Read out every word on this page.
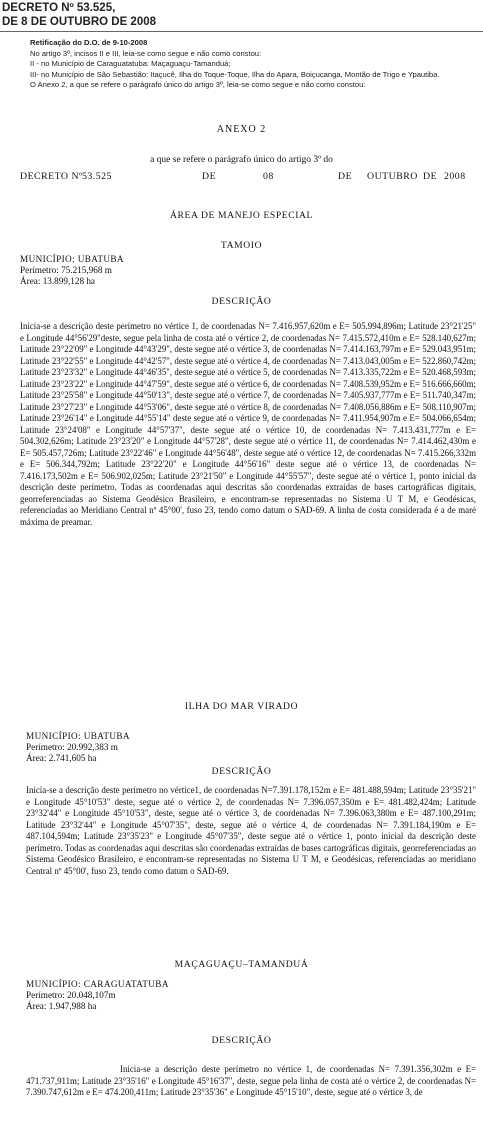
DECRETO Nº 53.525,
DE 8 DE OUTUBRO DE 2008

Retificação do D.O. de 9-10-2008

No artigo 3º, incisos II e III, leia-se como segue e não como constou:

II - no Município de Caraguatatuba: Maçaguaçu-Tamanduá;

III- no Município de São Sebastião: Itaçucê, Ilha do Toque-Toque, Ilha do Apara, Boiçucanga, Montão de Trigo e Ypautiba.

O Anexo 2, a que se refere o parágrafo único do artigo 3º, leia-se como segue e não como constou:

ANEXO 2
a que se refere o parágrafo único do artigo 3º do
DECRETO Nº 53.525	DE	08	DE OUTUBRO DE 2008
ÁREA DE MANEJO ESPECIAL
TAMOIO
MUNICÍPIO: UBATUBA
Perímetro: 75.215,968 m
Área: 13.899,128 ha
DESCRIÇÃO

Inicia-se a descrição deste perímetro no vértice 1, de coordenadas N= 7.416.957,620m e E= 505.994,896m; Latitude 23°21'25" e Longitude 44°56'29"deste, segue pela linha de costa até o vértice 2, de coordenadas N= 7.415.572,410m e E= 528.140,627m; Latitude 23°22'09" e Longitude 44°43'29", deste segue até o vértice 3, de coordenadas N= 7.414.163,797m e E= 529.043,951m; Latitude 23°22'55" e Longitude 44°42'57", deste segue até o vértice 4, de coordenadas N= 7.413.043,005m e E= 522.860,742m; Latitude 23°23'32" e Longitude 44°46'35", deste segue até o vértice 5, de coordenadas N= 7.413.335,722m e E= 520.468,593m; Latitude 23°23'22" e Longitude 44°47'59", deste segue até o vértice 6, de coordenadas N= 7.408.539,952m e E= 516.666,660m; Latitude 23°25'58" e Longitude 44°50'13", deste segue até o vértice 7, de coordenadas N= 7.405.937,777m e E= 511.740,347m; Latitude 23°27'23" e Longitude 44°53'06", deste segue até o vértice 8, de coordenadas N= 7.408.056,886m e E= 508.110,907m; Latitude 23°26'14" e Longitude 44°55'14" deste segue até o vértice 9, de coordenadas N= 7.411.954,907m e E= 504.066,654m; Latitude 23°24'08" e Longitude 44°57'37", deste segue até o vértice 10, de coordenadas N= 7.413.431,777m e E= 504.302,626m; Latitude 23°23'20" e Longitude 44°57'28", deste segue até o vértice 11, de coordenadas N= 7.414.462,430m e E= 505.457,726m; Latitude 23°22'46" e Longitude 44°56'48", deste segue até o vértice 12, de coordenadas N= 7.415.266,332m e E= 506.344,792m; Latitude 23°22'20" e Longitude 44°56'16" deste segue até o vértice 13, de coordenadas N= 7.416.173,502m e E= 506.902,025m; Latitude 23°21'50" e Longitude 44°55'57", deste segue até o vértice 1, ponto inicial da descrição deste perímetro. Todas as coordenadas aqui descritas são coordenadas extraídas de bases cartográficas digitais, georreferenciadas ao Sistema Geodésico Brasileiro, e encontram-se representadas no Sistema U T M, e Geodésicas, referenciadas ao Meridiano Central nº 45°00', fuso 23, tendo como datum o SAD-69. A linha de costa considerada é a de maré máxima de preamar.

ILHA DO MAR VIRADO
MUNICÍPIO: UBATUBA
Perímetro: 20.992,383 m
Área: 2.741,605 ha
DESCRIÇÃO

Inicia-se a descrição deste perímetro no vértice1, de coordenadas N=7.391.178,152m e E= 481.488,594m; Latitude 23°35'21" e Longitude 45°10'53" deste, segue até o vértice 2, de coordenadas N= 7.396.057,350m e E= 481.482,424m; Latitude 23°32'44" e Longitude 45°10'53", deste, segue até o vértice 3, de coordenadas N= 7.396.063,380m e E= 487.100,291m; Latitude 23°32'44" e Longitude 45°07'35", deste, segue até o vértice 4, de coordenadas N= 7.391.184,190m e E= 487.104,594m; Latitude 23°35'23" e Longitude 45°07'35", deste segue até o vértice 1, ponto inicial da descrição deste perímetro. Todas as coordenadas aqui descritas são coordenadas extraídas de bases cartográficas digitais, georreferenciadas ao Sistema Geodésico Brasileiro, e encontram-se representadas no Sistema U T M, e Geodésicas, referenciadas ao meridiano Central nº 45°00', fuso 23, tendo como datum o SAD-69.

MAÇAGUAÇU–TAMANDUÁ
MUNICÍPIO: CARAGUATATUBA
Perímetro: 20.048,107m
Área: 1.947,988 ha
DESCRIÇÃO

Inicia-se a descrição deste perímetro no vértice 1, de coordenadas N= 7.391.356,302m e E= 471.737,911m; Latitude 23°35'16" e Longitude 45°16'37", deste, segue pela linha de costa até o vértice 2, de coordenadas N= 7.390.747,612m e E= 474.200,411m; Latitude 23°35'36" e Longitude 45°15'10", deste, segue até o vértice 3, de
